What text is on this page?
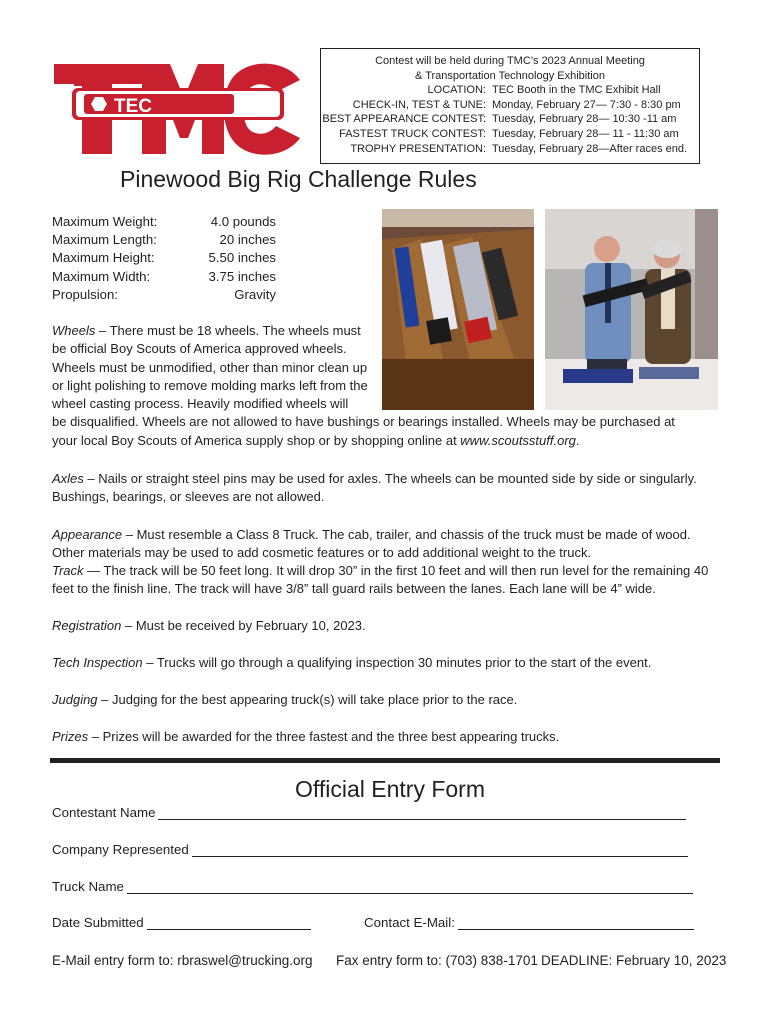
TEC
Contest will be held during TMC’s 2023 Annual Meeting
& Transportation Technology Exhibition
LOCATION: TEC Booth in the TMC Exhibit Hall
CHECK-IN, TEST & TUNE: Monday, February 27— 7:30 - 8:30 pm
BEST APPEARANCE CONTEST: Tuesday, February 28— 10:30 -11 am
FASTEST TRUCK CONTEST: Tuesday, February 28— 11 - 11:30 am
TROPHY PRESENTATION: Tuesday, February 28—After races end.
Pinewood Big Rig Challenge Rules
Maximum Weight:	4.0 pounds
Maximum Length:	20 inches
Maximum Height:	5.50 inches
Maximum Width:	3.75 inches
Propulsion:	Gravity
Wheels – There must be 18 wheels. The wheels must
be official Boy Scouts of America approved wheels.
Wheels must be unmodified, other than minor clean up
or light polishing to remove molding marks left from the
wheel casting process. Heavily modified wheels will
be disqualified. Wheels are not allowed to have bushings or bearings installed. Wheels may be purchased at
your local Boy Scouts of America supply shop or by shopping online at www.scoutsstuff.org.
Axles – Nails or straight steel pins may be used for axles. The wheels can be mounted side by side or singularly. Bushings, bearings, or sleeves are not allowed.
Appearance – Must resemble a Class 8 Truck. The cab, trailer, and chassis of the truck must be made of wood. Other materials may be used to add cosmetic features or to add additional weight to the truck.
Track — The track will be 50 feet long. It will drop 30” in the first 10 feet and will then run level for the remaining 40 feet to the finish line. The track will have 3/8” tall guard rails between the lanes. Each lane will be 4” wide.
Registration – Must be received by February 10, 2023.
Tech Inspection – Trucks will go through a qualifying inspection 30 minutes prior to the start of the event.
Judging – Judging for the best appearing truck(s) will take place prior to the race.
Prizes – Prizes will be awarded for the three fastest and the three best appearing trucks.
Official Entry Form
Contestant Name
Company Represented
Truck Name
Date Submitted	Contact E-Mail:
E-Mail entry form to: rbraswel@trucking.org Fax entry form to: (703) 838-1701 DEADLINE: February 10, 2023
